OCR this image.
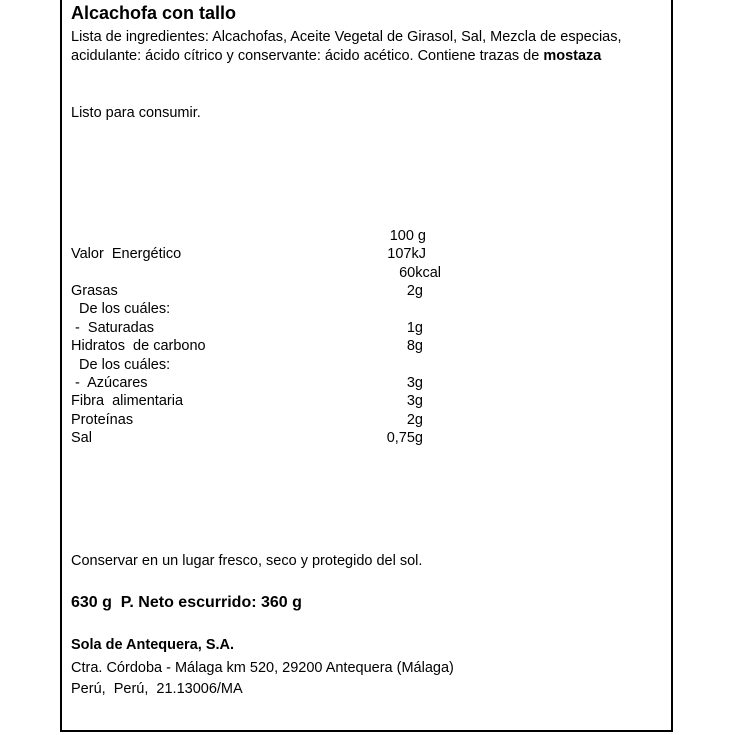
Alcachofa con tallo
Lista de ingredientes: Alcachofas, Aceite Vegetal de Girasol, Sal, Mezcla de especias, acidulante: ácido cítrico y conservante: ácido acético. Contiene trazas de mostaza
Listo para consumir.
100 g
Valor  Energético	107kJ
60kcal
Grasas	2g
De los cuáles:
-  Saturadas	1g
Hidratos  de carbono	8g
De los cuáles:
-  Azúcares	3g
Fibra  alimentaria	3g
Proteínas	2g
Sal	0,75g
Conservar en un lugar fresco, seco y protegido del sol.
630 g  P. Neto escurrido: 360 g
Sola de Antequera, S.A.
Ctra. Córdoba - Málaga km 520, 29200 Antequera (Málaga)
Perú,  Perú,  21.13006/MA
